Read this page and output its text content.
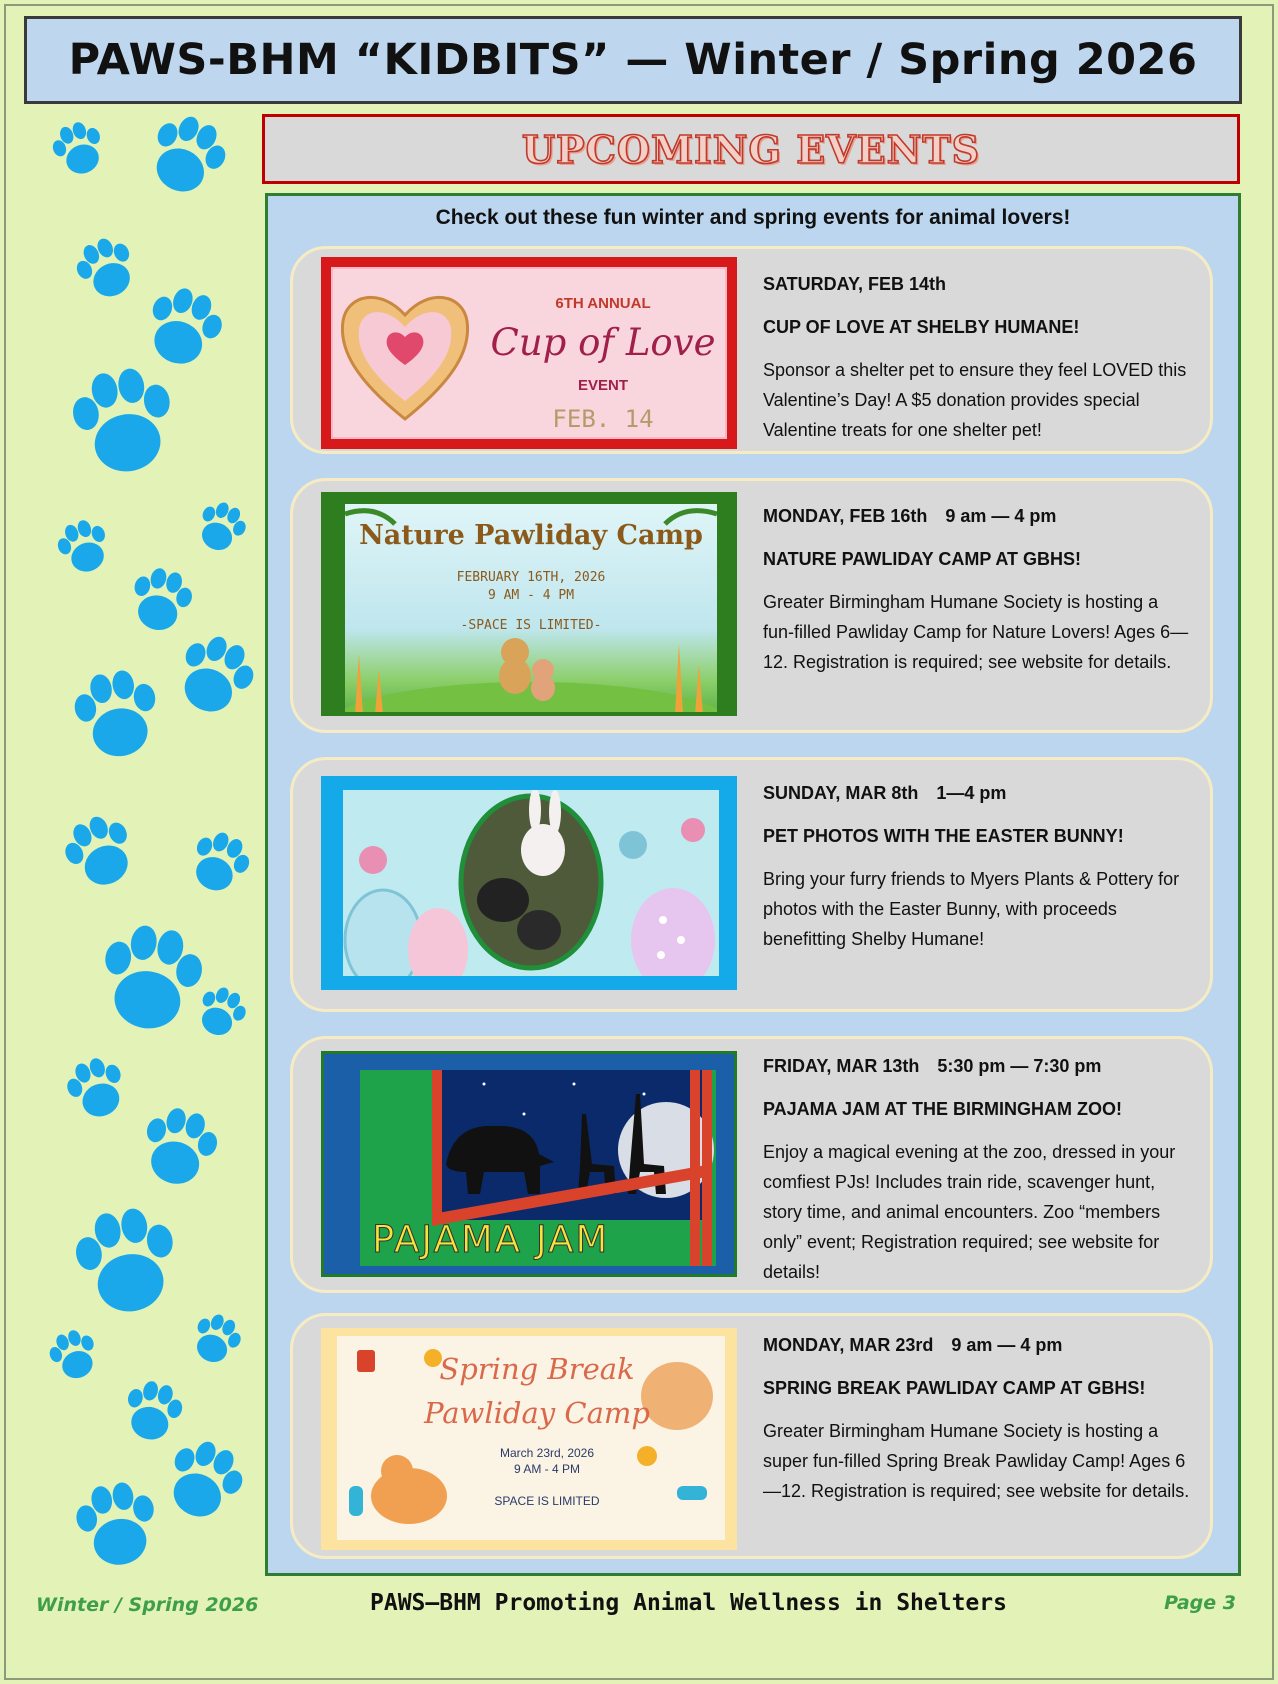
PAWS-BHM “KIDBITS” — Winter / Spring 2026
UPCOMING EVENTS

Check out these fun winter and spring events for animal lovers!

6TH ANNUAL
Cup of Love
EVENT
FEB. 14
SATURDAY, FEB 14th
CUP OF LOVE AT SHELBY HUMANE!
Sponsor a shelter pet to ensure they feel LOVED this Valentine’s Day! A $5 donation provides special Valentine treats for one shelter pet!
Nature Pawliday Camp
FEBRUARY 16TH, 2026
9 AM - 4 PM
-SPACE IS LIMITED-
MONDAY, FEB 16th 9 am — 4 pm
NATURE PAWLIDAY CAMP AT GBHS!
Greater Birmingham Humane Society is hosting a fun-filled Pawliday Camp for Nature Lovers! Ages 6—12. Registration is required; see website for details.
SUNDAY, MAR 8th 1—4 pm
PET PHOTOS WITH THE EASTER BUNNY!
Bring your furry friends to Myers Plants & Pottery for photos with the Easter Bunny, with proceeds benefitting Shelby Humane!
PAJAMA JAM
FRIDAY, MAR 13th 5:30 pm — 7:30 pm
PAJAMA JAM AT THE BIRMINGHAM ZOO!
Enjoy a magical evening at the zoo, dressed in your comfiest PJs! Includes train ride, scavenger hunt, story time, and animal encounters. Zoo “members only” event; Registration required; see website for details!
Spring Break
Pawliday Camp
March 23rd, 2026
9 AM - 4 PM
SPACE IS LIMITED
MONDAY, MAR 23rd 9 am — 4 pm
SPRING BREAK PAWLIDAY CAMP AT GBHS!
Greater Birmingham Humane Society is hosting a super fun-filled Spring Break Pawliday Camp! Ages 6—12. Registration is required; see website for details.
Winter / Spring 2026	PAWS—BHM Promoting Animal Wellness in Shelters	Page 3
